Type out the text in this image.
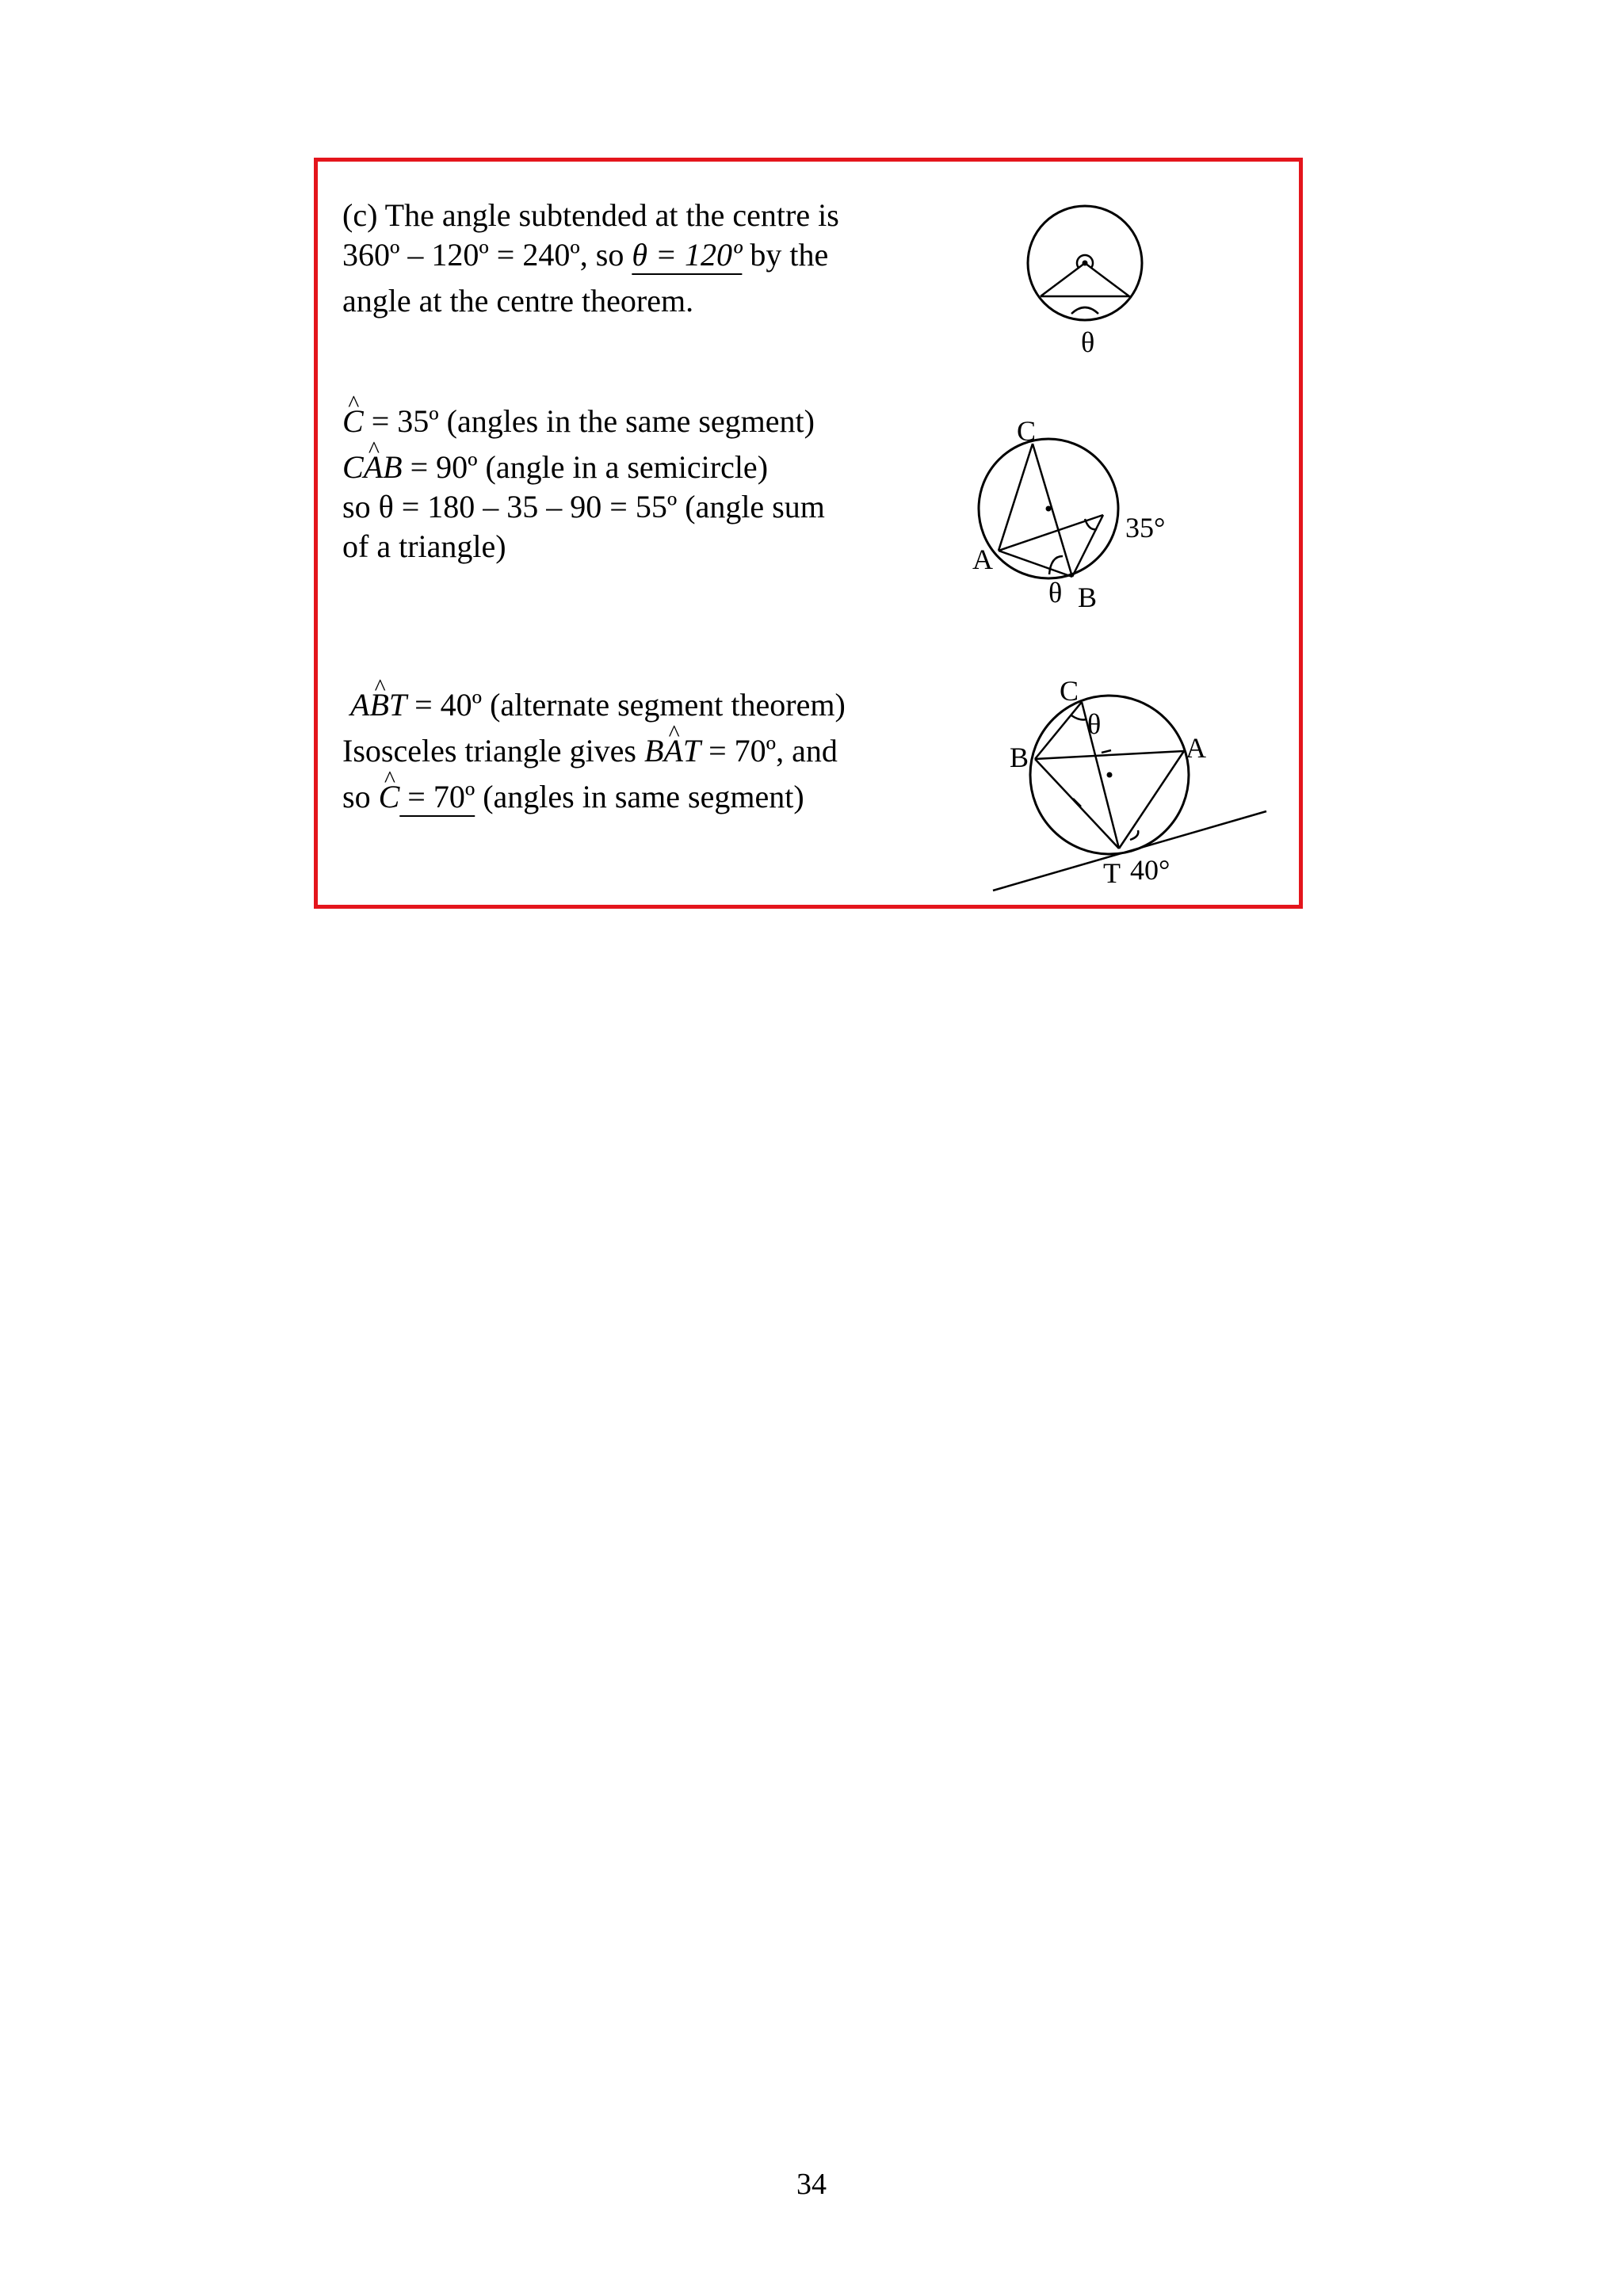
(c) The angle subtended at the centre is
360º – 120º = 240º, so θ = 120º by the
angle at the centre theorem.
^ C = 35º (angles in the same segment)
C^ AB = 90º (angle in a semicircle)
so θ = 180 – 35 – 90 = 55º (angle sum
of a triangle)
A^ BT = 40º (alternate segment theorem)
Isosceles triangle gives B^ AT = 70º, and
so ^ C = 70º (angles in same segment)
θ
C
A
B
θ
35°
C
A
B
T
θ
40°
34
